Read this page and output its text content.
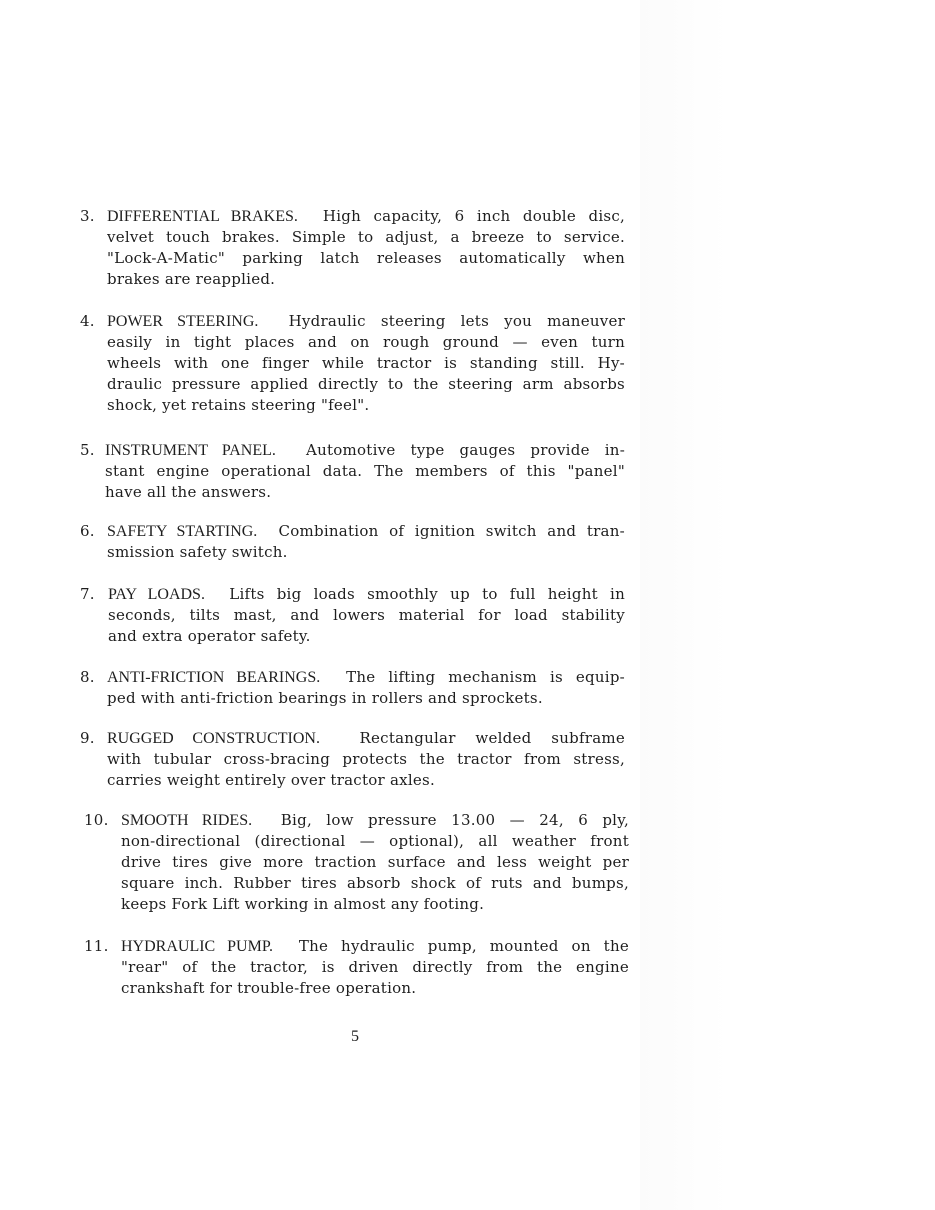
3. DIFFERENTIAL BRAKES. High capacity, 6 inch double disc,
velvet touch brakes. Simple to adjust, a breeze to service.
"Lock-A-Matic" parking latch releases automatically when
brakes are reapplied.
4. POWER STEERING. Hydraulic steering lets you maneuver
easily in tight places and on rough ground — even turn
wheels with one finger while tractor is standing still. Hy-
draulic pressure applied directly to the steering arm absorbs
shock, yet retains steering "feel".
5. INSTRUMENT PANEL. Automotive type gauges provide in-
stant engine operational data. The members of this "panel"
have all the answers.
6. SAFETY STARTING. Combination of ignition switch and tran-
smission safety switch.
7. PAY LOADS. Lifts big loads smoothly up to full height in
seconds, tilts mast, and lowers material for load stability
and extra operator safety.
8. ANTI-FRICTION BEARINGS. The lifting mechanism is equip-
ped with anti-friction bearings in rollers and sprockets.
9. RUGGED CONSTRUCTION.	Rectangular welded subframe
with tubular cross-bracing protects the tractor from stress,
carries weight entirely over tractor axles.
10. SMOOTH RIDES. Big, low pressure 13.00 — 24, 6 ply,
non-directional (directional — optional), all weather front
drive tires give more traction surface and less weight per
square inch. Rubber tires absorb shock of ruts and bumps,
keeps Fork Lift working in almost any footing.
11. HYDRAULIC PUMP. The hydraulic pump, mounted on the
"rear" of the tractor, is driven directly from the engine
crankshaft for trouble-free operation.
5
